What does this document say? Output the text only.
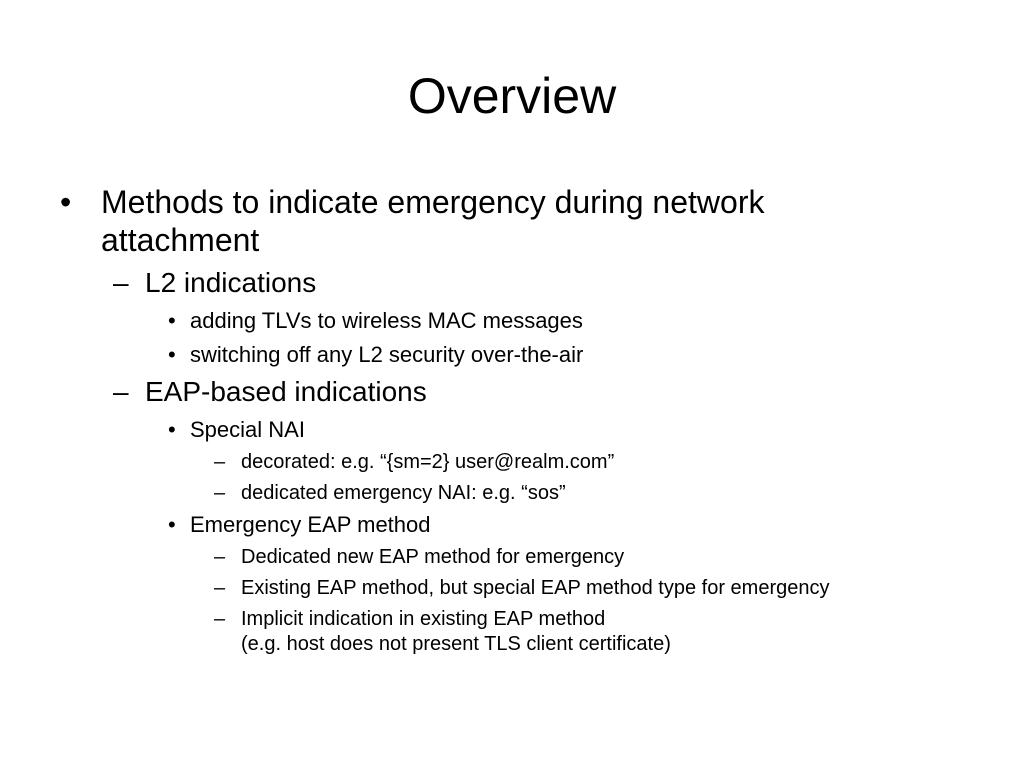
Overview
• Methods to indicate emergency during network
attachment
– L2 indications
• adding TLVs to wireless MAC messages
• switching off any L2 security over-the-air
– EAP-based indications
• Special NAI
– decorated: e.g. “{sm=2} user@realm.com”
– dedicated emergency NAI: e.g. “sos”
• Emergency EAP method
– Dedicated new EAP method for emergency
– Existing EAP method, but special EAP method type for emergency
– Implicit indication in existing EAP method
(e.g. host does not present TLS client certificate)
